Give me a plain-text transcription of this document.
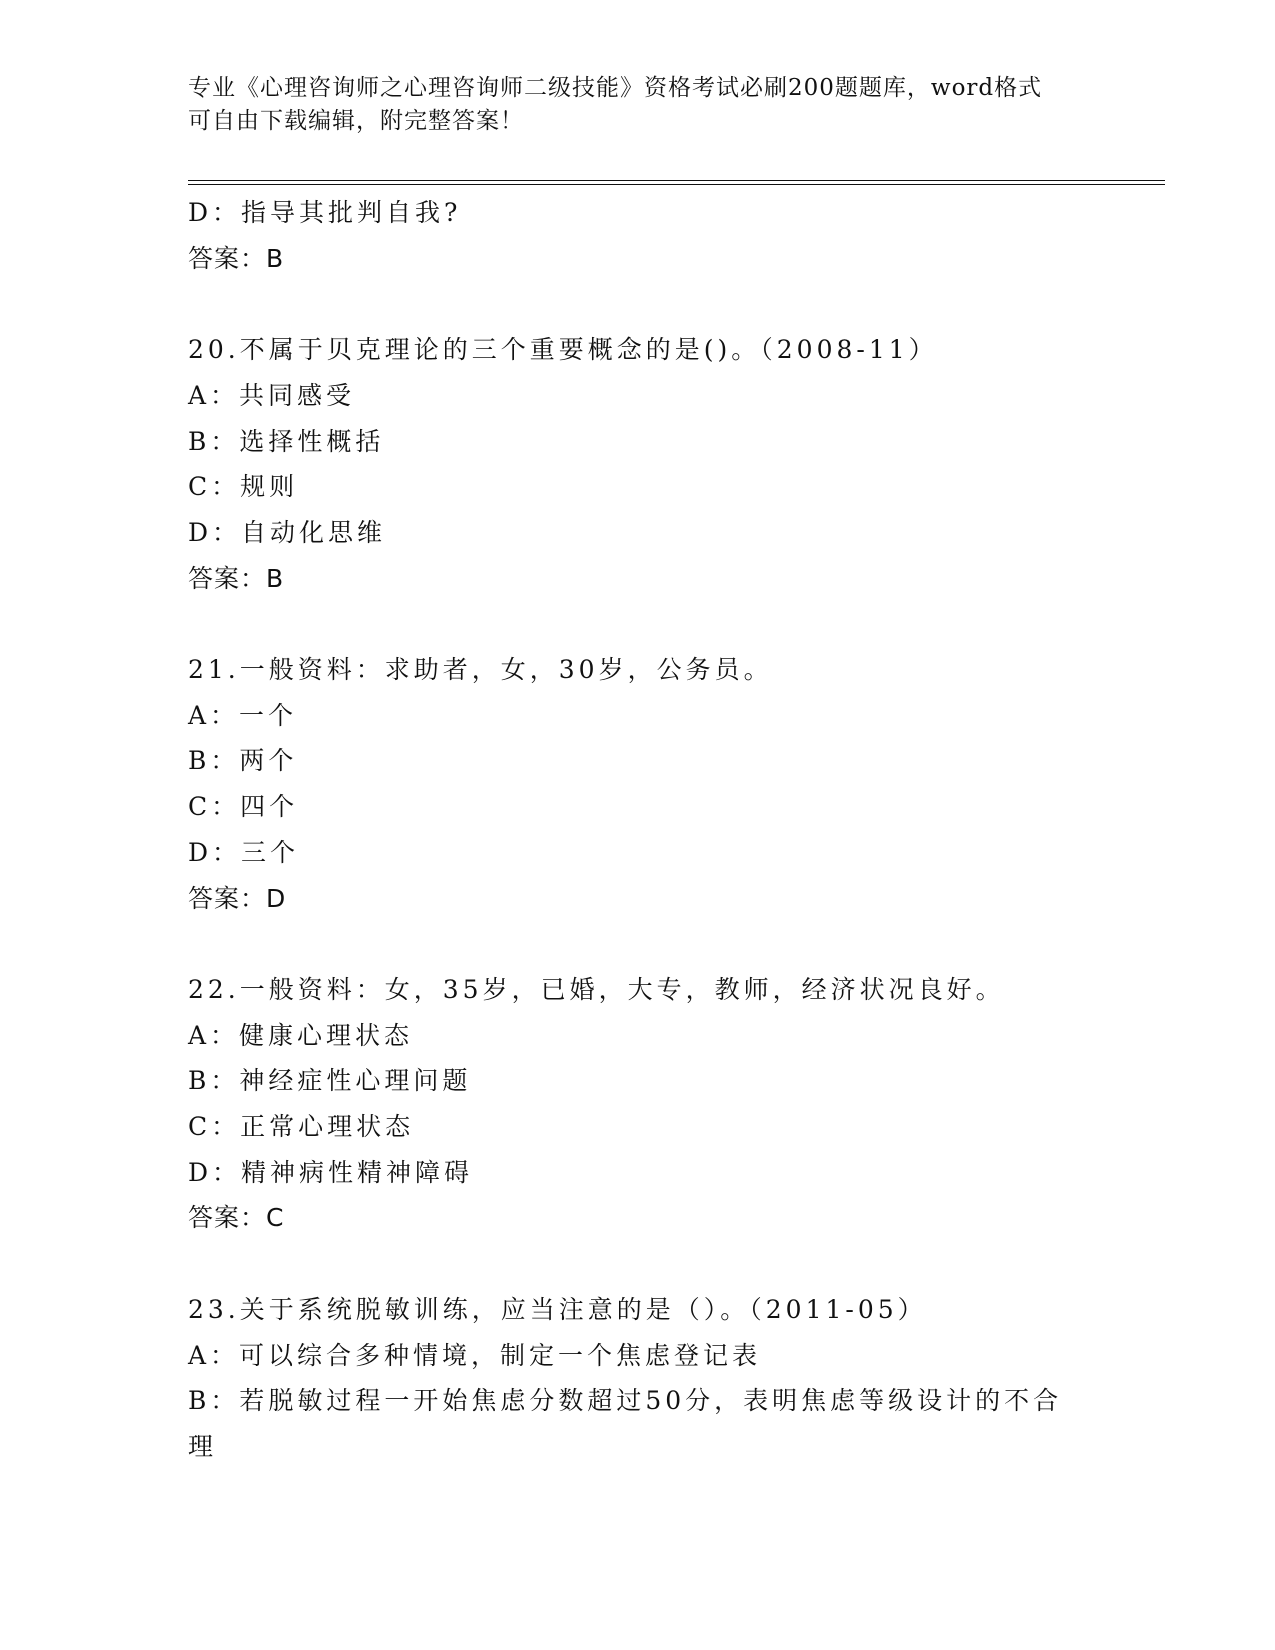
专业《心理咨询师之心理咨询师二级技能》资格考试必刷200题题库，word格式
可自由下载编辑，附完整答案！
D：指导其批判自我?
答案：B
20.不属于贝克理论的三个重要概念的是()。（2008-11）
A：共同感受
B：选择性概括
C：规则
D：自动化思维
答案：B
21.一般资料：求助者，女，30岁，公务员。
A：一个
B：两个
C：四个
D：三个
答案：D
22.一般资料：女，35岁，已婚，大专，教师，经济状况良好。
A：健康心理状态
B：神经症性心理问题
C：正常心理状态
D：精神病性精神障碍
答案：C
23.关于系统脱敏训练，应当注意的是（）。（2011-05）
A：可以综合多种情境，制定一个焦虑登记表
B：若脱敏过程一开始焦虑分数超过50分，表明焦虑等级设计的不合理
